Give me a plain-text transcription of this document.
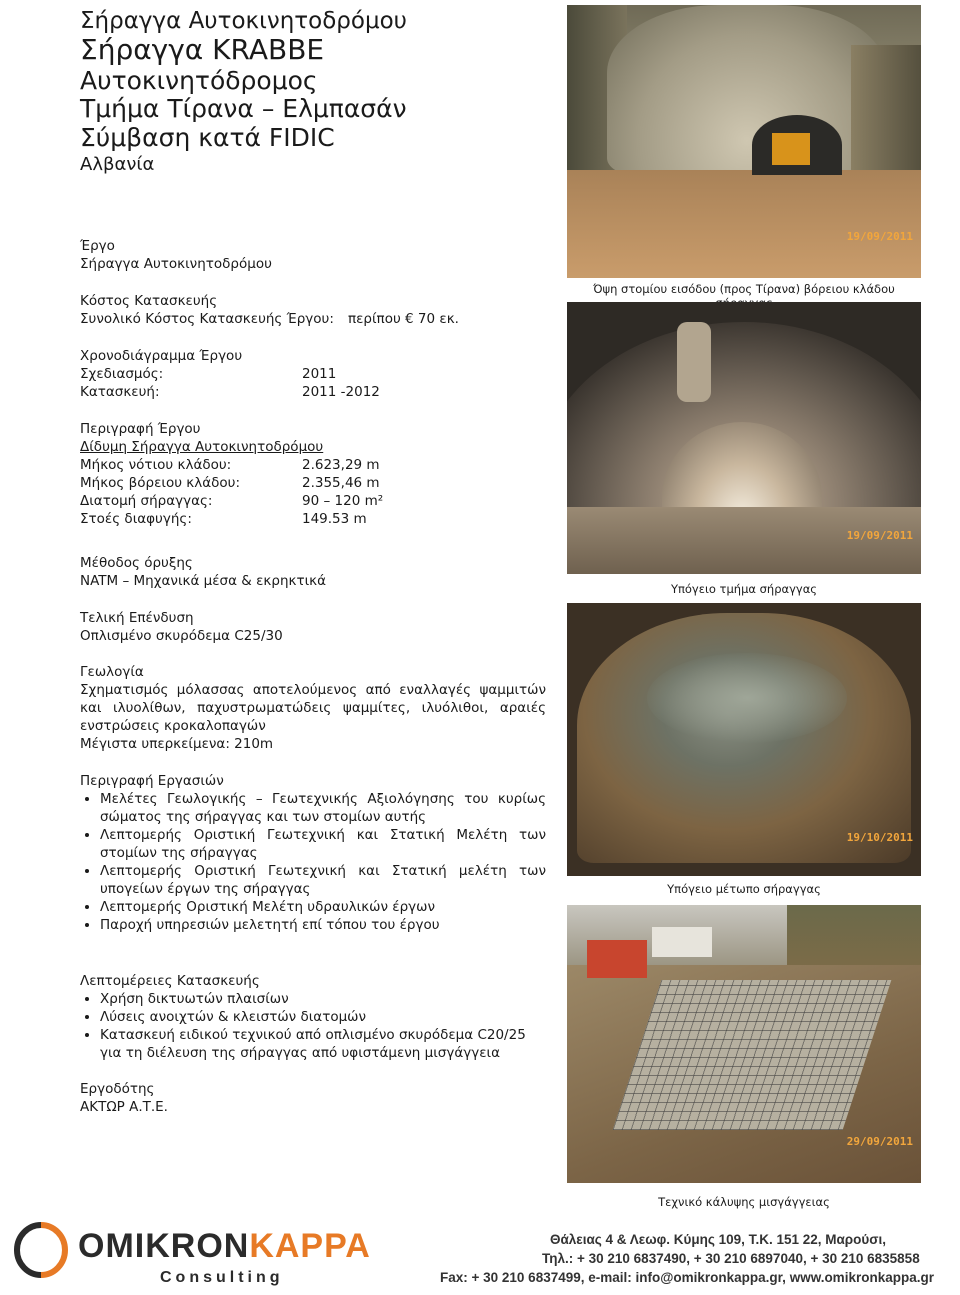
Σήραγγα Αυτοκινητοδρόμου
Σήραγγα KRABBE
Αυτοκινητόδρομος
Τμήμα Τίρανα – Ελμπασάν
Σύμβαση κατά FIDIC
Αλβανία
Έργο
Σήραγγα Αυτοκινητοδρόμου
Κόστος Κατασκευής
Συνολικό Κόστος Κατασκευής Έργου:	περίπου € 70 εκ.
Χρονοδιάγραμμα Έργου
Σχεδιασμός:	2011
Κατασκευή:	2011 -2012
Περιγραφή Έργου
Δίδυμη Σήραγγα Αυτοκινητοδρόμου
Μήκος νότιου κλάδου:	2.623,29 m
Μήκος βόρειου κλάδου:	2.355,46 m
Διατομή σήραγγας:	90 – 120 m²
Στοές διαφυγής:	149.53 m
Μέθοδος όρυξης
NATM – Μηχανικά μέσα & εκρηκτικά
Τελική Επένδυση
Οπλισμένο σκυρόδεμα C25/30
Γεωλογία
Σχηματισμός μόλασσας αποτελούμενος από εναλλαγές ψαμμιτών και ιλυολίθων, παχυστρωματώδεις ψαμμίτες, ιλυόλιθοι, αραιές ενστρώσεις κροκαλοπαγών
Μέγιστα υπερκείμενα: 210m
Περιγραφή Εργασιών
• Μελέτες Γεωλογικής – Γεωτεχνικής Αξιολόγησης του κυρίως σώματος της σήραγγας και των στομίων αυτής
• Λεπτομερής Οριστική Γεωτεχνική και Στατική Μελέτη των στομίων της σήραγγας
• Λεπτομερής Οριστική Γεωτεχνική και Στατική μελέτη των υπογείων έργων της σήραγγας
• Λεπτομερής Οριστική Μελέτη υδραυλικών έργων
• Παροχή υπηρεσιών μελετητή επί τόπου του έργου
Λεπτομέρειες Κατασκευής
• Χρήση δικτυωτών πλαισίων
• Λύσεις ανοιχτών & κλειστών διατομών
• Κατασκευή ειδικού τεχνικού από οπλισμένο σκυρόδεμα C20/25 για τη διέλευση της σήραγγας από υφιστάμενη μισγάγγεια
Εργοδότης
ΑΚΤΩΡ Α.Τ.Ε.
19/09/2011
Όψη στομίου εισόδου (προς Τίρανα) βόρειου κλάδου
19/09/2011
Υπόγειο τμήμα σήραγγας
19/10/2011
Υπόγειο μέτωπο σήραγγας
29/09/2011
Τεχνικό κάλυψης μισγάγγειας
OMIKRONKAPPA
Consulting
Θάλειας 4 & Λεωφ. Κύμης 109, Τ.Κ. 151 22, Μαρούσι,
Τηλ.: + 30 210 6837490, + 30 210 6897040, + 30 210 6835858
Fax: + 30 210 6837499, e-mail: info@omikronkappa.gr, www.omikronkappa.gr
